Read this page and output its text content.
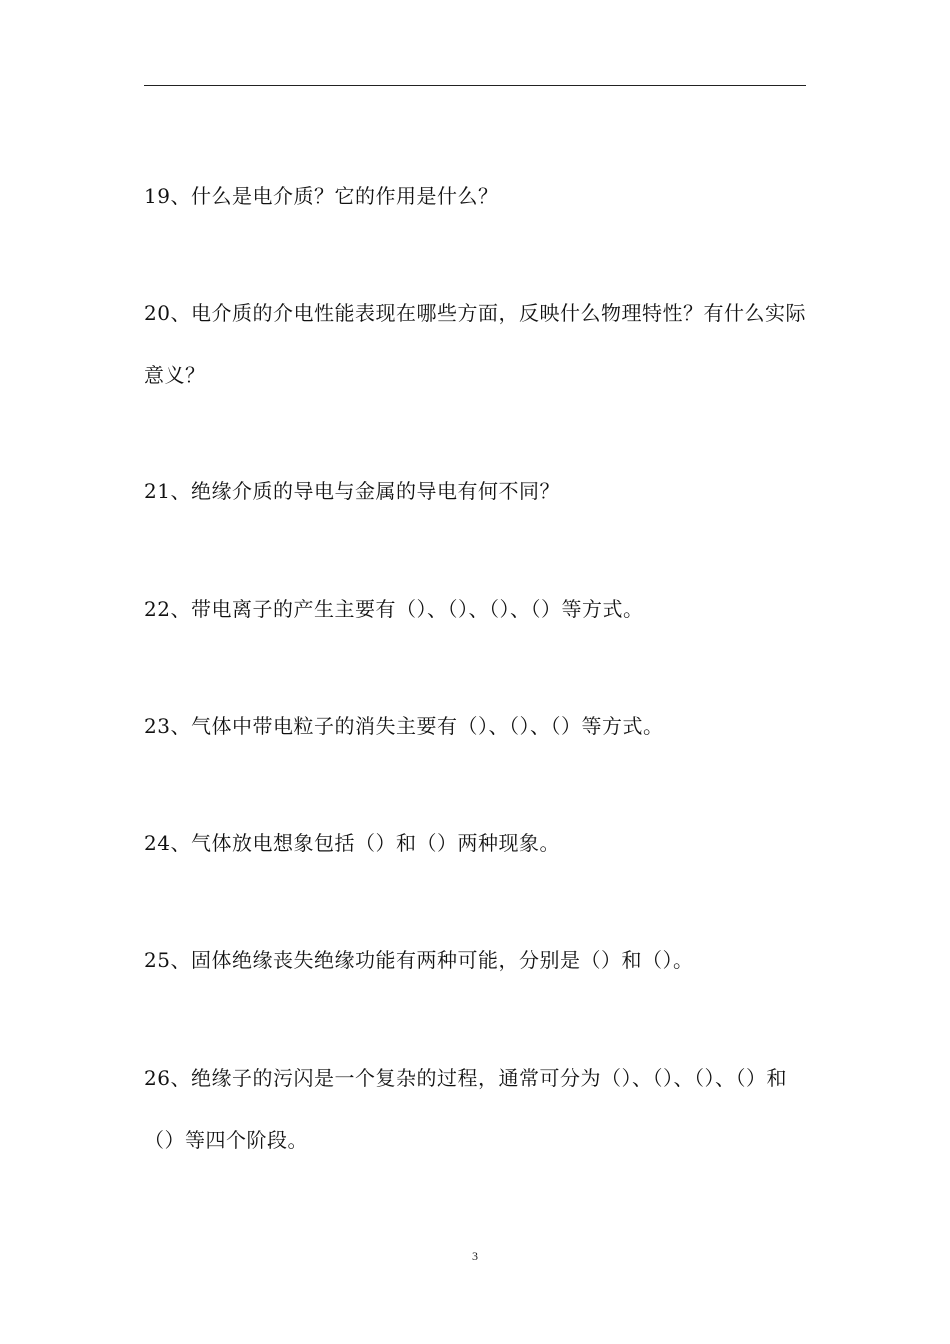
19、什么是电介质？它的作用是什么？

20、电介质的介电性能表现在哪些方面，反映什么物理特性？有什么实际意义？

21、绝缘介质的导电与金属的导电有何不同？

22、带电离子的产生主要有（）、（）、（）、（）等方式。

23、气体中带电粒子的消失主要有（）、（）、（）等方式。

24、气体放电想象包括（）和（）两种现象。

25、固体绝缘丧失绝缘功能有两种可能，分别是（）和（）。

26、绝缘子的污闪是一个复杂的过程，通常可分为（）、（）、（）、（）和（）等四个阶段。

3
